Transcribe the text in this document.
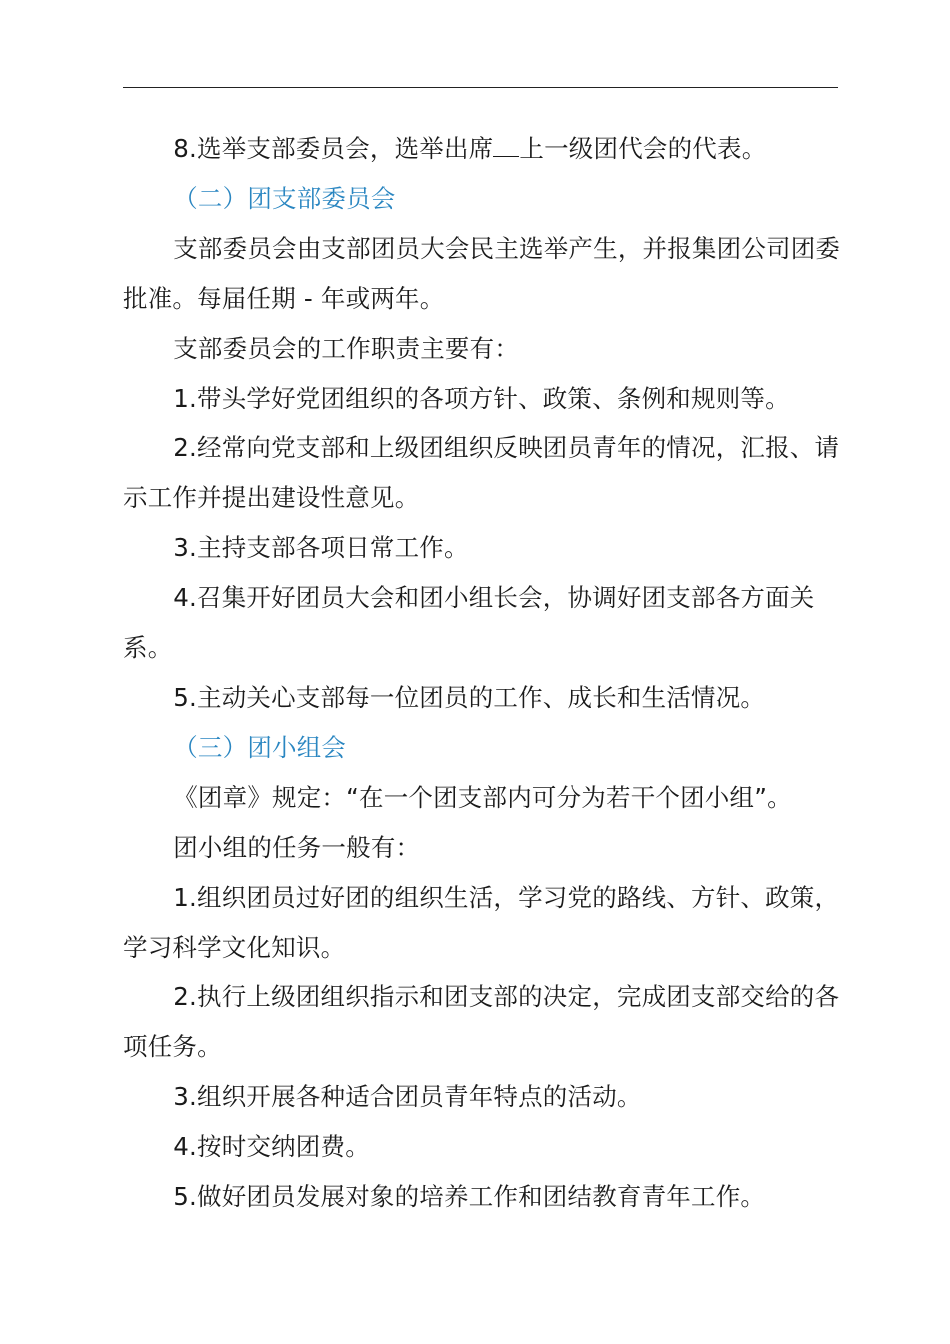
8.选举支部委员会，选举出席 上一级团代会的代表。

（二）团支部委员会

支部委员会由支部团员大会民主选举产生，并报集团公司团委批准。每届任期 - 年或两年。

支部委员会的工作职责主要有：

1.带头学好党团组织的各项方针、政策、条例和规则等。

2.经常向党支部和上级团组织反映团员青年的情况，汇报、请示工作并提出建设性意见。

3.主持支部各项日常工作。

4.召集开好团员大会和团小组长会，协调好团支部各方面关系。

5.主动关心支部每一位团员的工作、成长和生活情况。

（三）团小组会

《团章》规定：“在一个团支部内可分为若干个团小组”。

团小组的任务一般有：

1.组织团员过好团的组织生活，学习党的路线、方针、政策，学习科学文化知识。

2.执行上级团组织指示和团支部的决定，完成团支部交给的各项任务。

3.组织开展各种适合团员青年特点的活动。

4.按时交纳团费。

5.做好团员发展对象的培养工作和团结教育青年工作。
